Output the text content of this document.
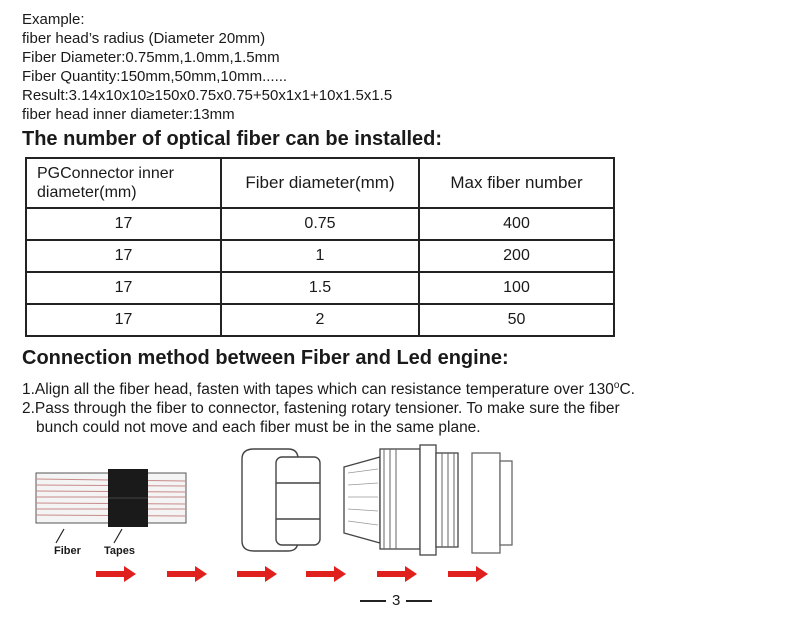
Example:
fiber head’s radius (Diameter 20mm)
Fiber Diameter:0.75mm,1.0mm,1.5mm
Fiber Quantity:150mm,50mm,10mm......
Result:3.14x10x10≥150x0.75x0.75+50x1x1+10x1.5x1.5
fiber head inner diameter:13mm
The number of optical fiber can be installed:
PGConnector inner diameter(mm)	Fiber diameter(mm)	Max fiber number
17	0.75	400
17	1	200
17	1.5	100
17	2	50
Connection method between Fiber and Led engine:
1.Align all the fiber head, fasten with tapes which can resistance temperature over 130$^o$C.
2.Pass through the fiber to connector, fastening rotary tensioner. To make sure the fiber
bunch could not move and each fiber must be in the same plane.
Fiber Tapes
3
